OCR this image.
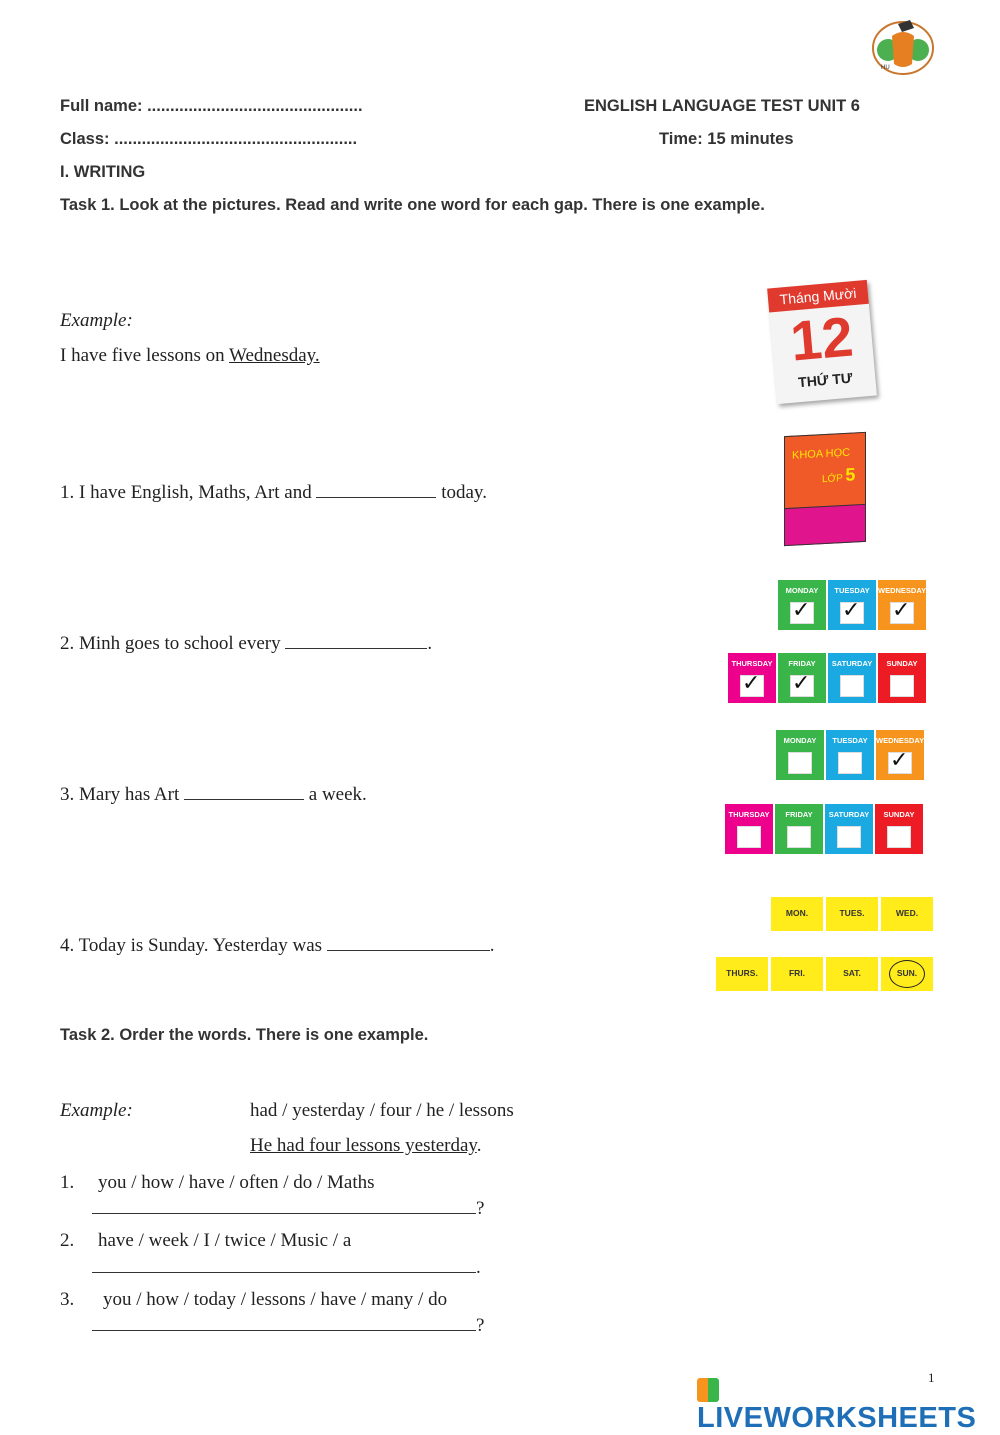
HU
Full name: ...............................................	ENGLISH LANGUAGE TEST UNIT 6
Class: .....................................................	Time: 15 minutes
I. WRITING
Task 1. Look at the pictures. Read and write one word for each gap. There is one example.
Example:
I have five lessons on Wednesday.
Tháng Mười
12
THỨ TƯ
KHOA HỌC
LỚP 5
1. I have English, Maths, Art and	today.
2. Minh goes to school every	.
MONDAY
✓
TUESDAY
✓
WEDNESDAY
✓
THURSDAY
✓
FRIDAY
✓
SATURDAY	SUNDAY
3. Mary has Art	a week.
MONDAY	TUESDAY	WEDNESDAY
✓
THURSDAY	FRIDAY	SATURDAY	SUNDAY
4. Today is Sunday. Yesterday was	.
MON.	TUES.	WED.
THURS.	FRI.	SAT.	SUN.
Task 2. Order the words. There is one example.
Example:	had / yesterday / four / he / lessons
He had four lessons yesterday.
1. you / how / have / often / do / Maths
?
2. have / week / I / twice / Music / a
.
3. you / how / today / lessons / have / many / do
?
1
LIVEWORKSHEETS
